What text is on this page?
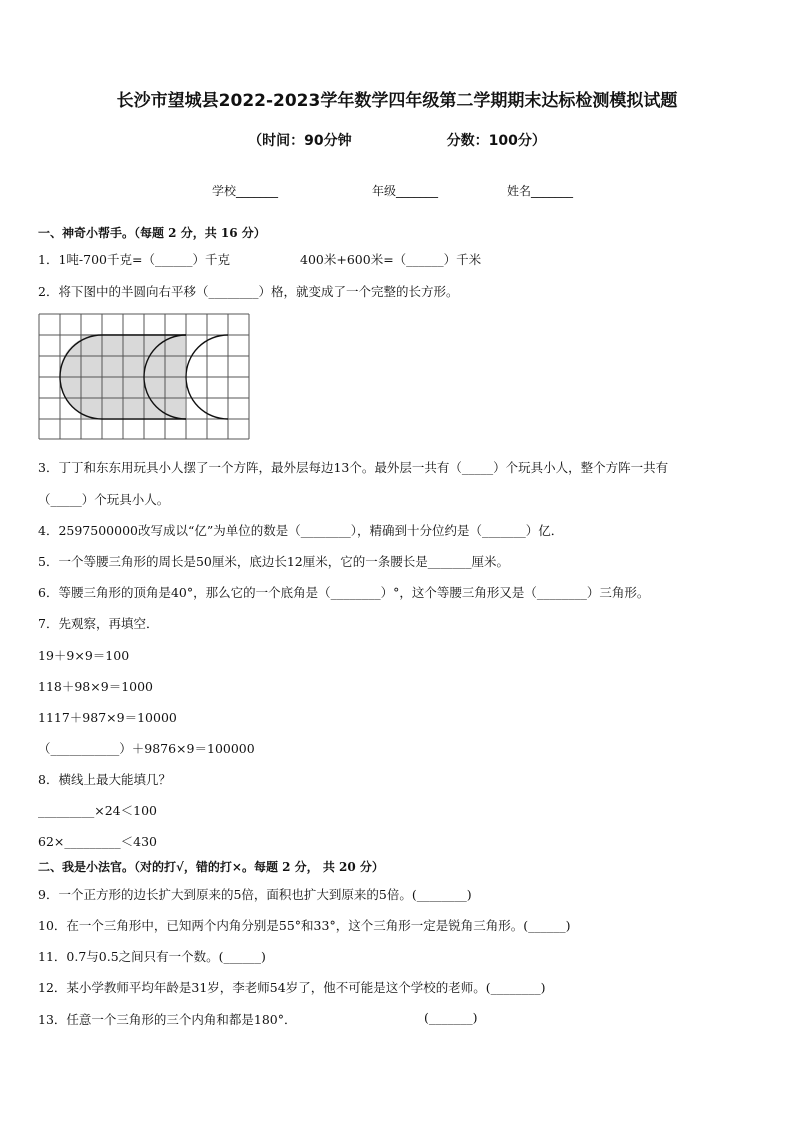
长沙市望城县2022-2023学年数学四年级第二学期期末达标检测模拟试题
（时间：90分钟	分数：100分）
学校_______	年级_______	姓名_______
一、神奇小帮手。（每题 2 分，共 16 分）
1．1吨-700千克=（______）千克	400米+600米=（______）千米
2．将下图中的半圆向右平移（________）格，就变成了一个完整的长方形。
3．丁丁和东东用玩具小人摆了一个方阵，最外层每边13个。最外层一共有（_____）个玩具小人，整个方阵一共有
（_____）个玩具小人。
4．2597500000改写成以“亿”为单位的数是（________），精确到十分位约是（_______）亿．
5．一个等腰三角形的周长是50厘米，底边长12厘米，它的一条腰长是_______厘米。
6．等腰三角形的顶角是40°，那么它的一个底角是（________）°，这个等腰三角形又是（________）三角形。
7．先观察，再填空．
19＋9×9＝100
118＋98×9＝1000
1117＋987×9＝10000
（___________）＋9876×9＝100000
8．横线上最大能填几？
_________×24＜100
62×_________＜430
二、我是小法官。（对的打√，错的打×。每题 2 分， 共 20 分）
9．一个正方形的边长扩大到原来的5倍，面积也扩大到原来的5倍。(________)
10．在一个三角形中，已知两个内角分别是55°和33°，这个三角形一定是锐角三角形。(______)
11．0.7与0.5之间只有一个数。(______)
12．某小学教师平均年龄是31岁，李老师54岁了，他不可能是这个学校的老师。(________)
13．任意一个三角形的三个内角和都是180°．	(_______)
